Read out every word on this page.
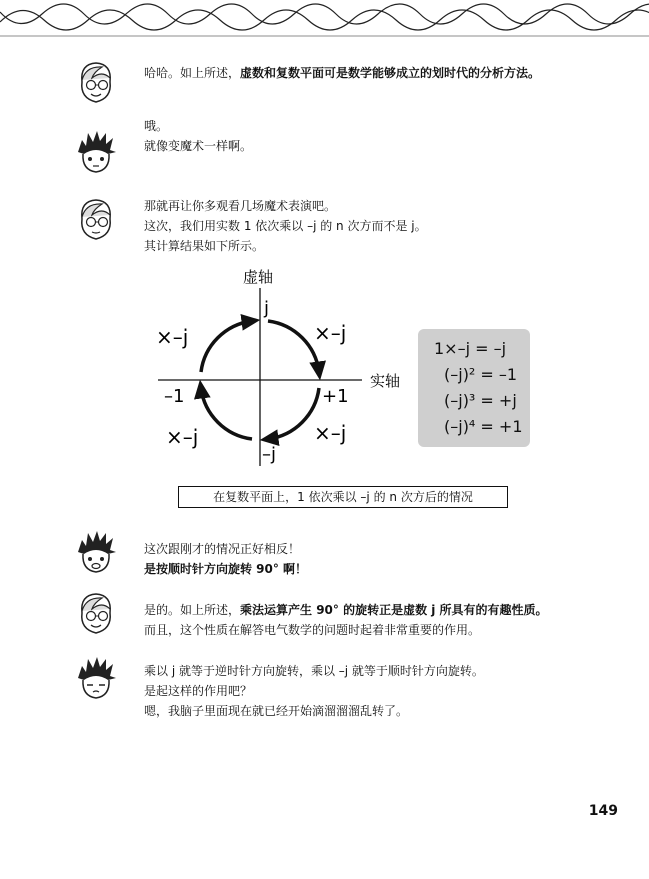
哈哈。如上所述，虚数和复数平面可是数学能够成立的划时代的分析方法。
哦。
就像变魔术一样啊。
那就再让你多观看几场魔术表演吧。
这次，我们用实数 1 依次乘以 –j 的 n 次方而不是 j。
其计算结果如下所示。
这次跟刚才的情况正好相反！
是按顺时针方向旋转 90° 啊！
是的。如上所述，乘法运算产生 90° 的旋转正是虚数 j 所具有的有趣性质。
而且，这个性质在解答电气数学的问题时起着非常重要的作用。
乘以 j 就等于逆时针方向旋转，乘以 –j 就等于顺时针方向旋转。
是起这样的作用吧？
嗯，我脑子里面现在就已经开始滴溜溜溜乱转了。
虚轴
实轴
j
+1
–j
–1
×–j	×–j
×–j	×–j
1×–j = –j
(–j)² = –1
(–j)³ = +j
(–j)⁴ = +1
在复数平面上，1 依次乘以 –j 的 n 次方后的情况
149
